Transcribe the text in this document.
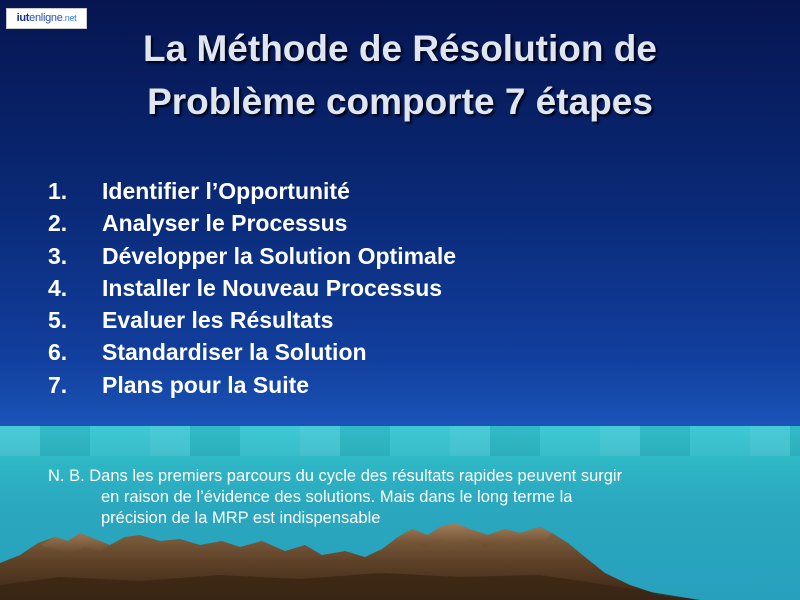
iut enligne .net
La Méthode de Résolution de
Problème comporte 7 étapes
1. Identifier l’Opportunité
2. Analyser le Processus
3. Développer la Solution Optimale
4. Installer le Nouveau Processus
5. Evaluer les Résultats
6. Standardiser la Solution
7. Plans pour la Suite
N. B. Dans les premiers parcours du cycle des résultats rapides peuvent surgir
en raison de l’évidence des solutions. Mais dans le long terme la
précision de la MRP est indispensable
